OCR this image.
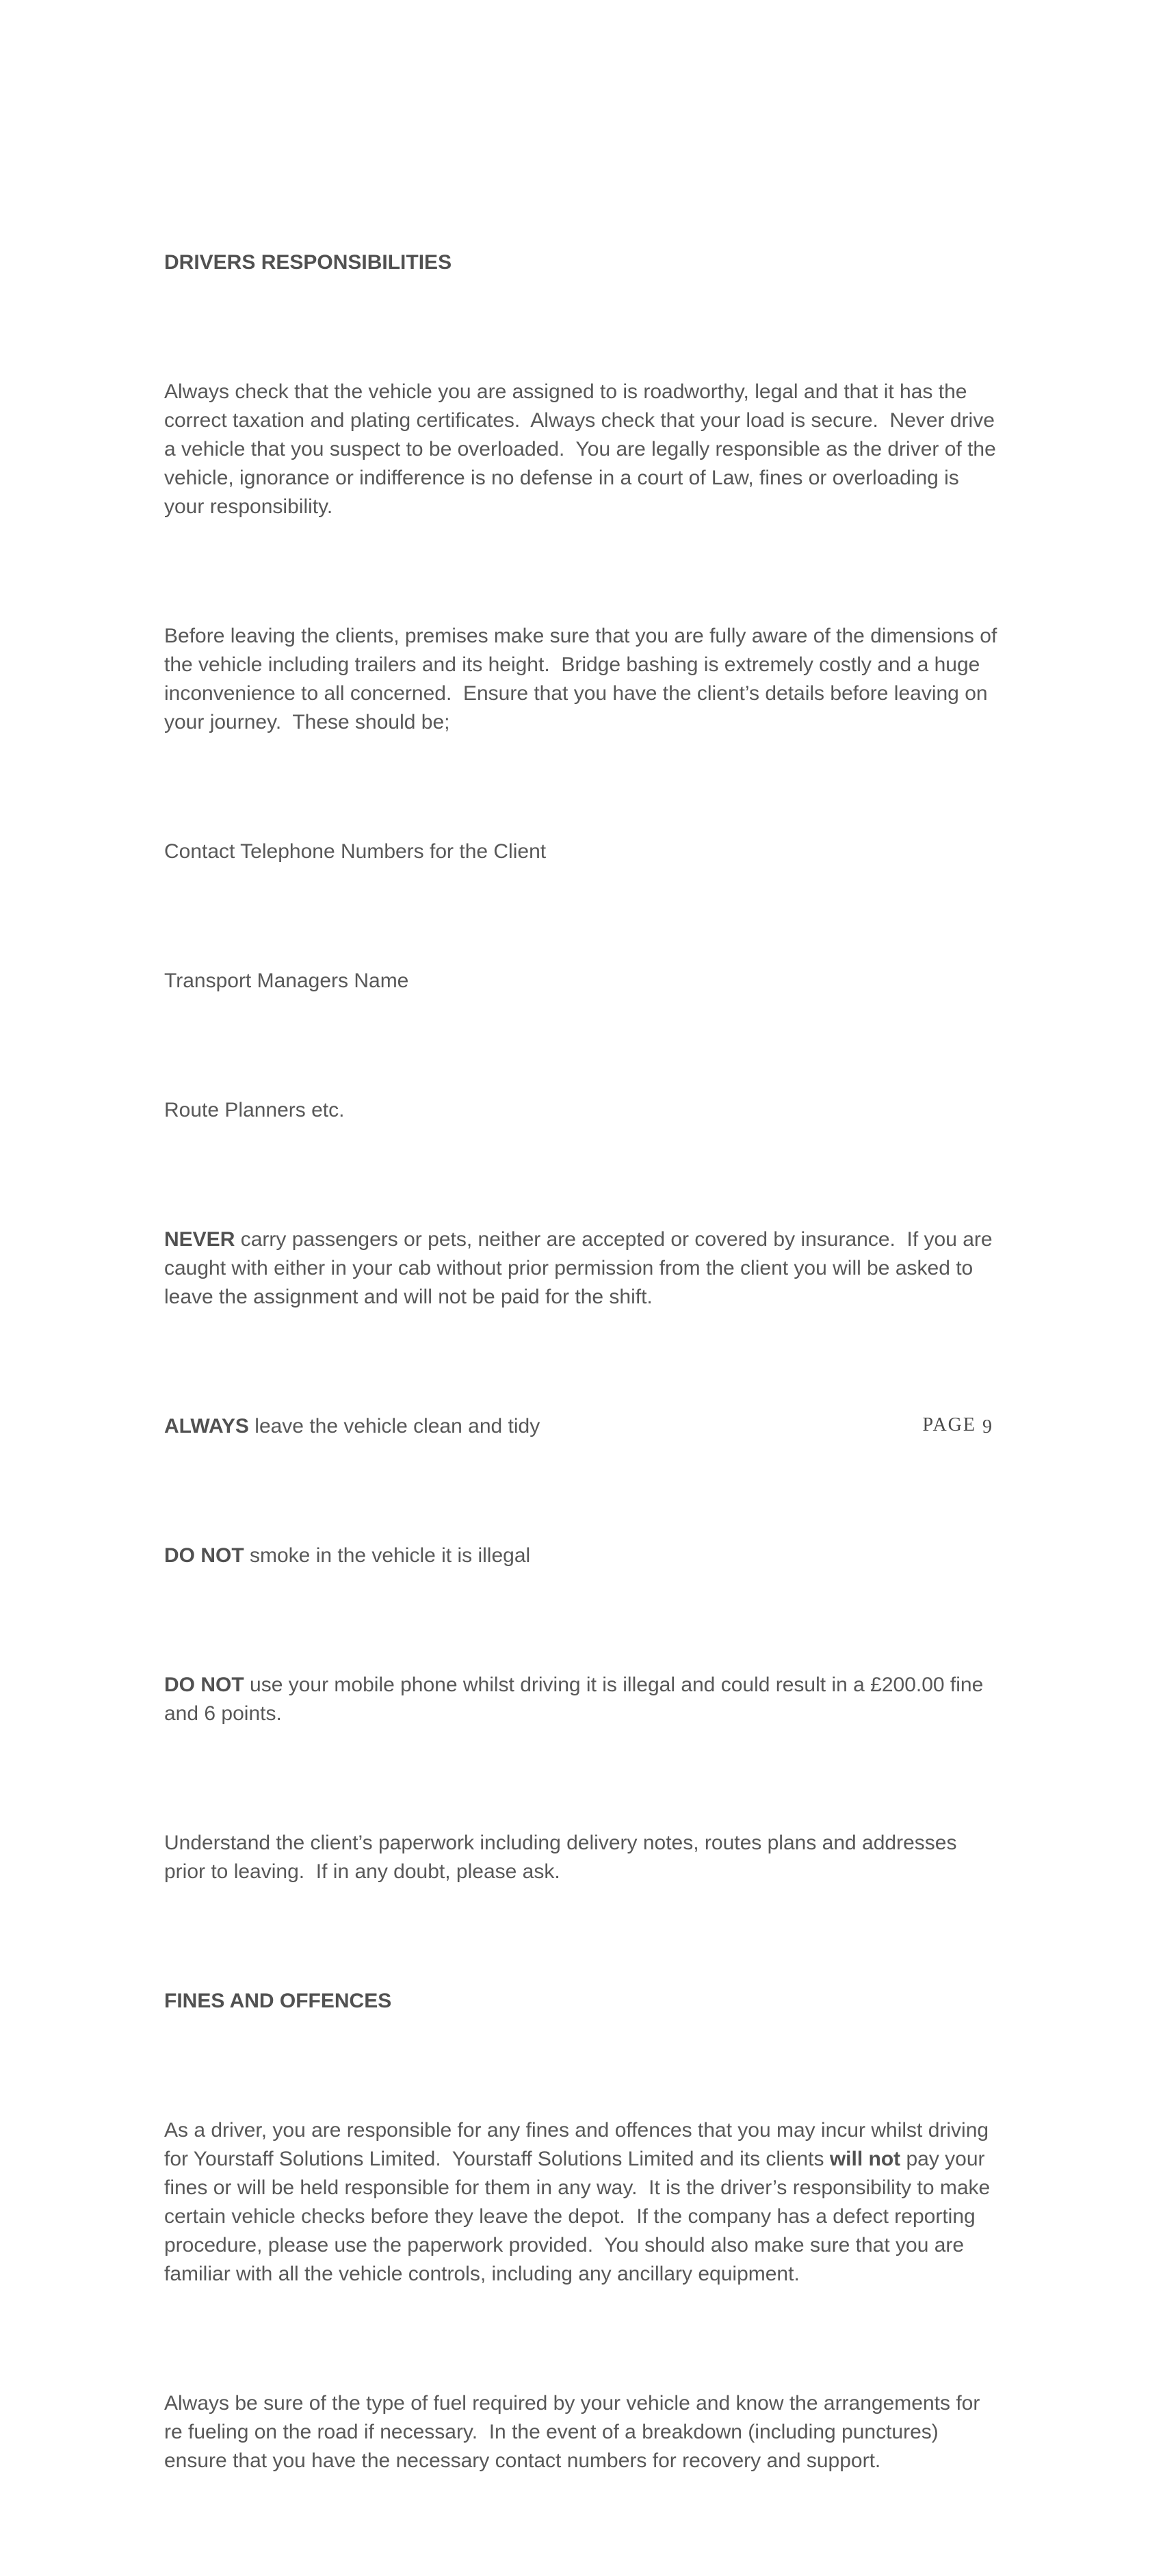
DRIVERS RESPONSIBILITIES

Always check that the vehicle you are assigned to is roadworthy, legal and that it has the correct taxation and plating certificates.  Always check that your load is secure.  Never drive a vehicle that you suspect to be overloaded.  You are legally responsible as the driver of the vehicle, ignorance or indifference is no defense in a court of Law, fines or overloading is your responsibility.

Before leaving the clients, premises make sure that you are fully aware of the dimensions of the vehicle including trailers and its height.  Bridge bashing is extremely costly and a huge inconvenience to all concerned.  Ensure that you have the client’s details before leaving on your journey.  These should be;

Contact Telephone Numbers for the Client

Transport Managers Name

Route Planners etc.

NEVER carry passengers or pets, neither are accepted or covered by insurance.  If you are caught with either in your cab without prior permission from the client you will be asked to leave the assignment and will not be paid for the shift.

ALWAYS leave the vehicle clean and tidy

DO NOT smoke in the vehicle it is illegal

DO NOT use your mobile phone whilst driving it is illegal and could result in a £200.00 fine and 6 points.

Understand the client’s paperwork including delivery notes, routes plans and addresses prior to leaving.  If in any doubt, please ask.

FINES AND OFFENCES

As a driver, you are responsible for any fines and offences that you may incur whilst driving for Yourstaff Solutions Limited.  Yourstaff Solutions Limited and its clients will not pay your fines or will be held responsible for them in any way.  It is the driver’s responsibility to make certain vehicle checks before they leave the depot.  If the company has a defect reporting procedure, please use the paperwork provided.  You should also make sure that you are familiar with all the vehicle controls, including any ancillary equipment.

Always be sure of the type of fuel required by your vehicle and know the arrangements for re fueling on the road if necessary.  In the event of a breakdown (including punctures) ensure that you have the necessary contact numbers for recovery and support.

PAGE 9
